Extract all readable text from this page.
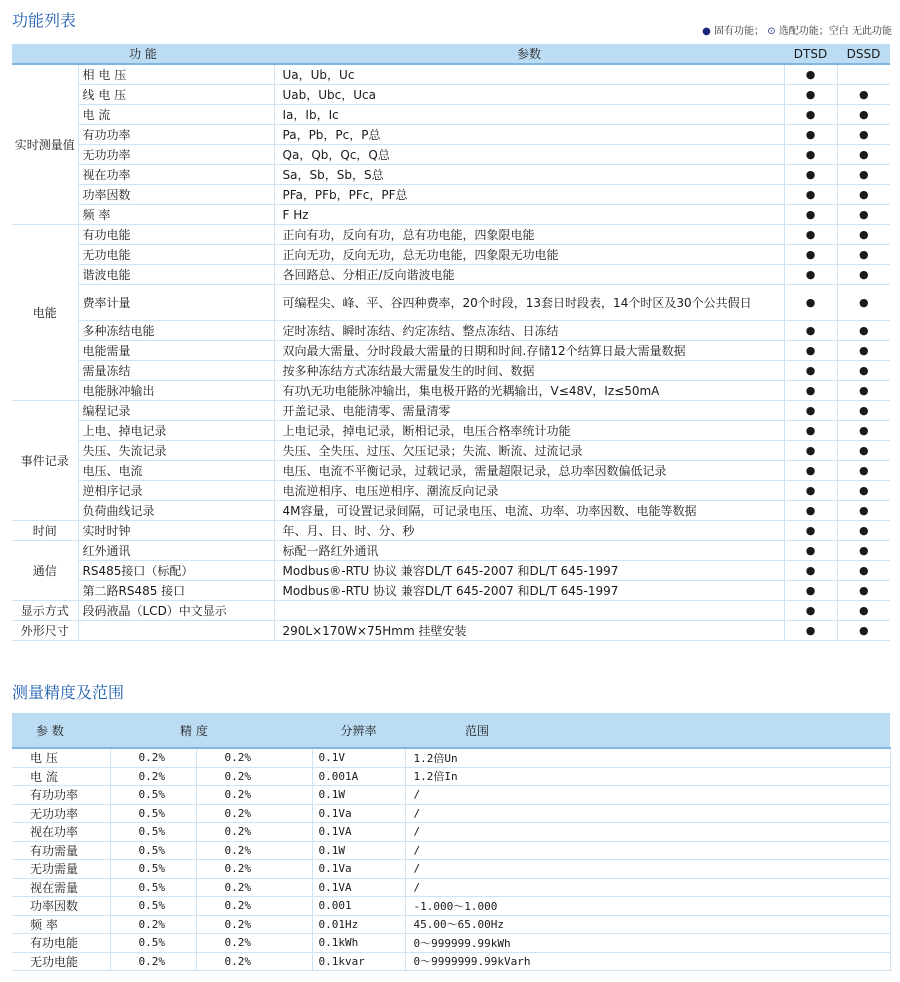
功能列表
● 固有功能； ⊙ 选配功能；空白 无此功能
功 能		参数	DTSD	DSSD
实时测量值	相 电 压	Ua，Ub，Uc	●	
	线 电 压	Uab，Ubc，Uca	●	●
	电 流	Ia，Ib，Ic	●	●
	有功功率	Pa，Pb，Pc，P总	●	●
	无功功率	Qa，Qb，Qc，Q总	●	●
	视在功率	Sa，Sb，Sb，S总	●	●
	功率因数	PFa，PFb，PFc，PF总	●	●
	频 率	F Hz	●	●
电能	有功电能	正向有功，反向有功，总有功电能，四象限电能	●	●
	无功电能	正向无功，反向无功，总无功电能，四象限无功电能	●	●
	谐波电能	各回路总、分相正/反向谐波电能	●	●
	费率计量	可编程尖、峰、平、谷四种费率，20个时段，13套日时段表，14个时区及30个公共假日	●	●
	多种冻结电能	定时冻结、瞬时冻结、约定冻结、整点冻结、日冻结	●	●
	电能需量	双向最大需量、分时段最大需量的日期和时间.存储12个结算日最大需量数据	●	●
	需量冻结	按多种冻结方式冻结最大需量发生的时间、数据	●	●
	电能脉冲输出	有功\无功电能脉冲输出，集电极开路的光耦输出，V≤48V，Iz≤50mA	●	●
事件记录	编程记录	开盖记录、电能清零、需量清零	●	●
	上电、掉电记录	上电记录，掉电记录，断相记录，电压合格率统计功能	●	●
	失压、失流记录	失压、全失压、过压、欠压记录；失流、断流、过流记录	●	●
	电压、电流	电压、电流不平衡记录，过载记录，需量超限记录，总功率因数偏低记录	●	●
	逆相序记录	电流逆相序、电压逆相序、潮流反向记录	●	●
	负荷曲线记录	4M容量，可设置记录间隔，可记录电压、电流、功率、功率因数、电能等数据	●	●
时间	实时时钟	年、月、日、时、分、秒	●	●
通信	红外通讯	标配一路红外通讯	●	●
	RS485接口（标配）	Modbus®-RTU 协议 兼容DL/T 645-2007 和DL/T 645-1997	●	●
	第二路RS485 接口	Modbus®-RTU 协议 兼容DL/T 645-2007 和DL/T 645-1997	●	●
显示方式	段码液晶（LCD）中文显示		●	●
外形尺寸		290L×170W×75Hmm 挂壁安装	●	●
测量精度及范围
参 数	精 度		分辨率	范围
电 压	0.2%	0.2%	0.1V	1.2倍Un
电 流	0.2%	0.2%	0.001A	1.2倍In
有功功率	0.5%	0.2%	0.1W	/
无功功率	0.5%	0.2%	0.1Va	/
视在功率	0.5%	0.2%	0.1VA	/
有功需量	0.5%	0.2%	0.1W	/
无功需量	0.5%	0.2%	0.1Va	/
视在需量	0.5%	0.2%	0.1VA	/
功率因数	0.5%	0.2%	0.001	-1.000～1.000
频 率	0.2%	0.2%	0.01Hz	45.00～65.00Hz
有功电能	0.5%	0.2%	0.1kWh	0～999999.99kWh
无功电能	0.2%	0.2%	0.1kvar	0～9999999.99kVarh
